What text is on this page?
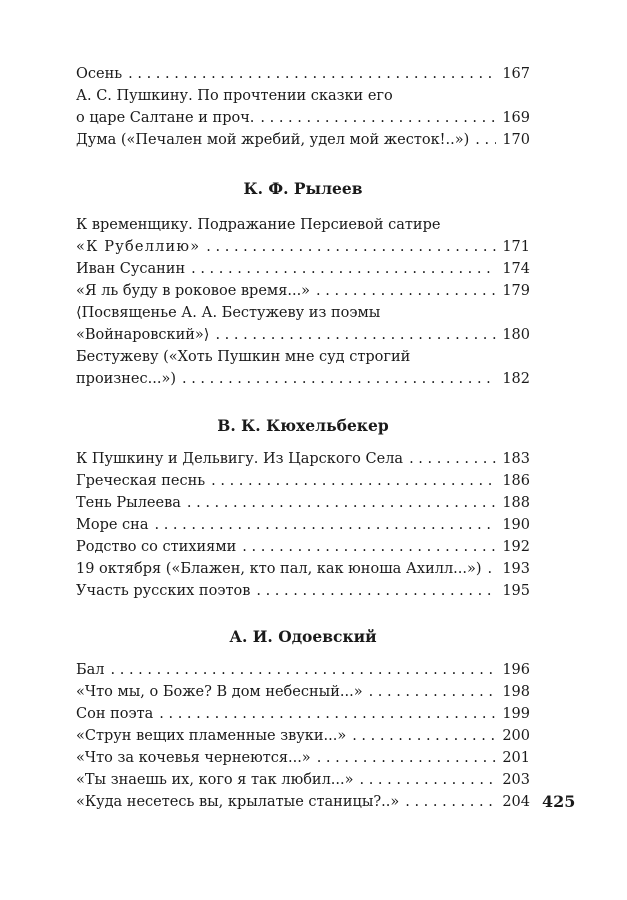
Осень . . .	167
А. С. Пушкину. По прочтении сказки его
о царе Салтане и проч. . . .	169
Дума («Печален мой жребий, удел мой жесток!..») . . . 170
К. Ф. Рылеев
К временщику. Подражание Персиевой сатире
«К Рубеллию» . . .	171
Иван Сусанин . . .	174
«Я ль буду в роковое время...» . . .	179
⟨Посвященье А. А. Бестужеву из поэмы
«Войнаровский»⟩ . . .	180
Бестужеву («Хоть Пушкин мне суд строгий
произнес...») . . .	182
В. К. Кюхельбекер
К Пушкину и Дельвигу. Из Царского Села . . .	183
Греческая песнь . . .	186
Тень Рылеева . . .	188
Море сна . . .	190
Родство со стихиями . . .	192
19 октября («Блажен, кто пал, как юноша Ахилл...») . . . 193
Участь русских поэтов . . .	195
А. И. Одоевский
Бал . . .	196
«Что мы, о Боже? В дом небесный...» . . .	198
Сон поэта . . .	199
«Струн вещих пламенные звуки...» . . .	200
«Что за кочевья чернеются...» . . .	201
«Ты знаешь их, кого я так любил...» . . .	203
«Куда несетесь вы, крылатые станицы?..» . . .	204 425
